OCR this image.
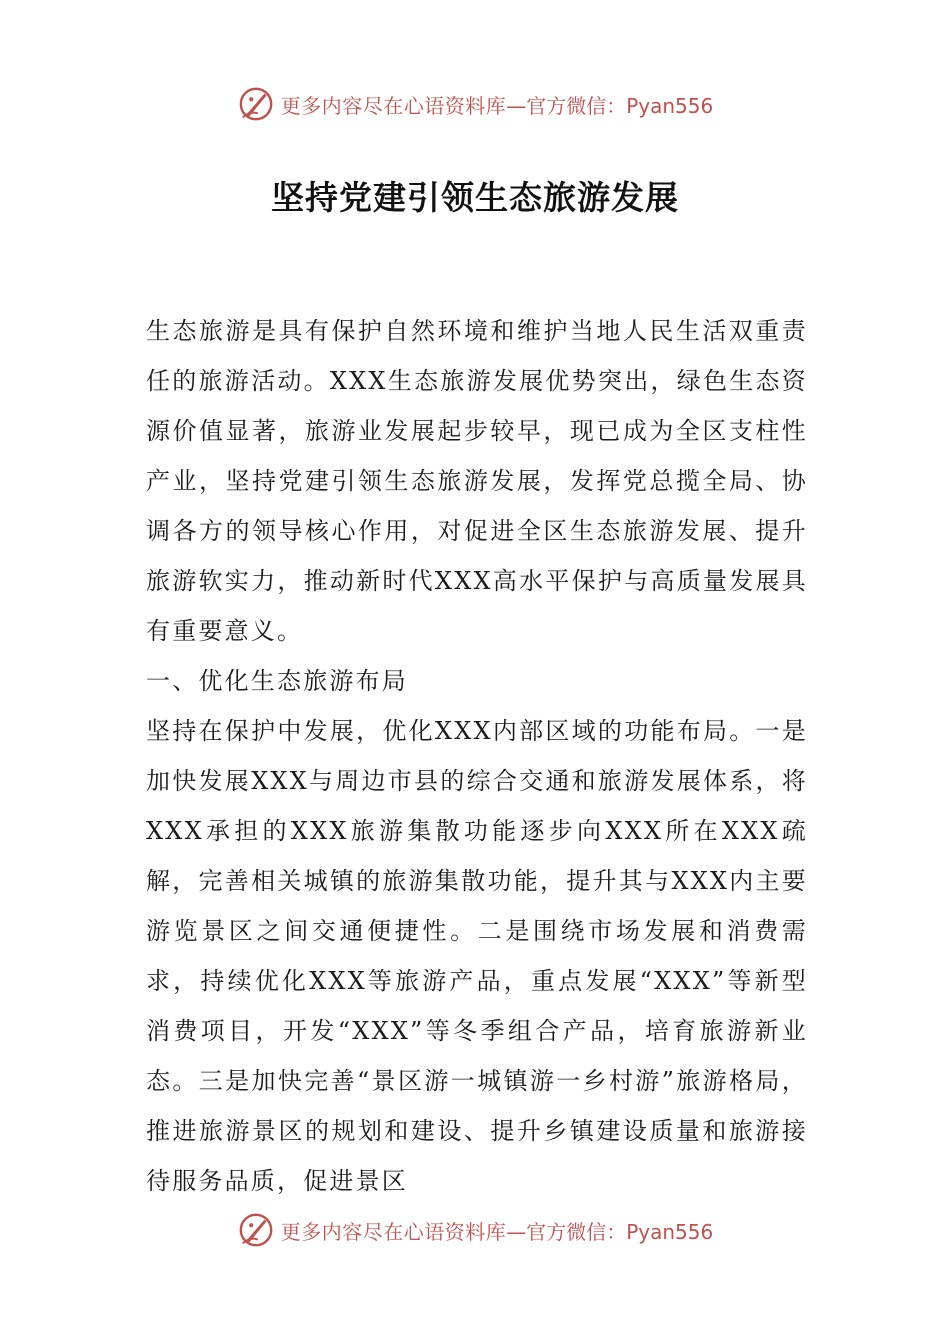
更多内容尽在心语资料库 —官方微信：Pyan556
坚持党建引领生态旅游发展

生态旅游是具有保护自然环境和维护当地人民生活双重责任的旅游活动。XXX生态旅游发展优势突出，绿色生态资源价值显著，旅游业发展起步较早，现已成为全区支柱性产业，坚持党建引领生态旅游发展，发挥党总揽全局、协调各方的领导核心作用，对促进全区生态旅游发展、提升旅游软实力，推动新时代XXX高水平保护与高质量发展具有重要意义。

一、优化生态旅游布局

坚持在保护中发展，优化XXX内部区域的功能布局。一是加快发展XXX与周边市县的综合交通和旅游发展体系，将XXX承担的XXX旅游集散功能逐步向XXX所在XXX疏解，完善相关城镇的旅游集散功能，提升其与XXX内主要游览景区之间交通便捷性。二是围绕市场发展和消费需求，持续优化XXX等旅游产品，重点发展“XXX”等新型消费项目，开发“XXX”等冬季组合产品，培育旅游新业态。三是加快完善“景区游一城镇游一乡村游”旅游格局，推进旅游景区的规划和建设、提升乡镇建设质量和旅游接待服务品质，促进景区

更多内容尽在心语资料库 —官方微信：Pyan556
